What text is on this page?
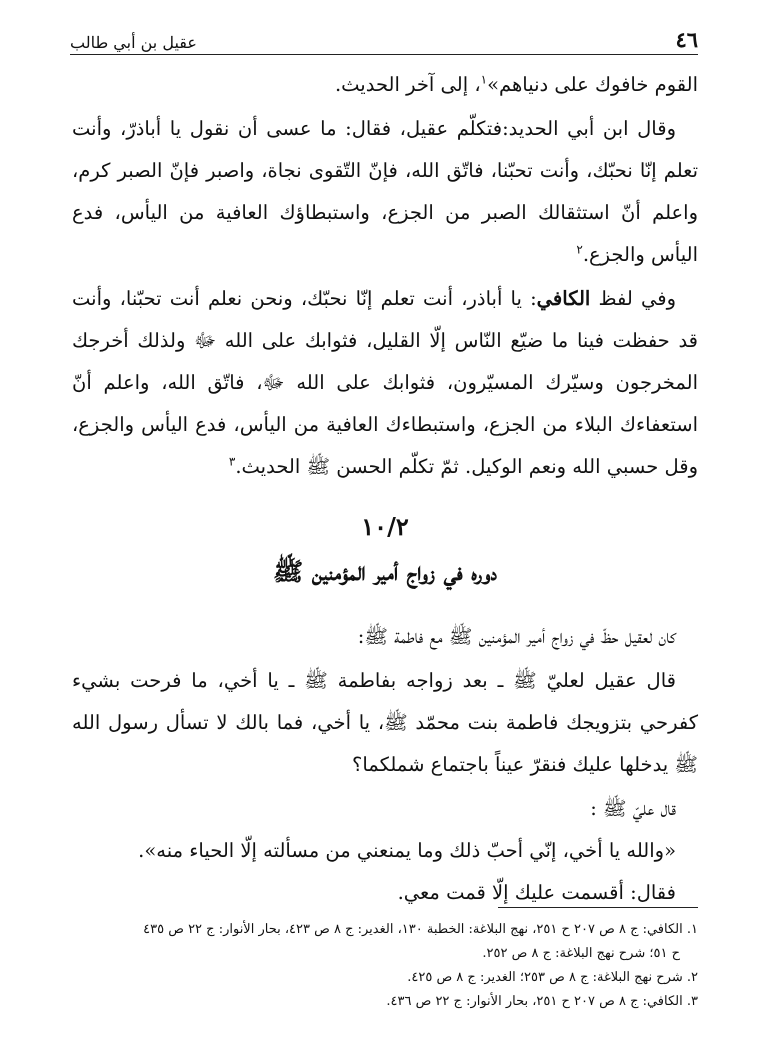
٤٦
عقيل بن أبي طالب

القوم خافوك على دنياهم»$^١$، إلى آخر الحديث.

وقال ابن أبي الحديد:فتكلّم عقيل، فقال: ما عسى أن نقول يا أباذرّ، وأنت تعلم إنّا نحبّك، وأنت تحبّنا، فاتّق الله، فإنّ التّقوى نجاة، واصبر فإنّ الصبر كرم، واعلم أنّ استثقالك الصبر من الجزع، واستبطاؤك العافية من اليأس، فدع اليأس والجزع.$^٢$

وفي لفظ الكافي: يا أباذر، أنت تعلم إنّا نحبّك، ونحن نعلم أنت تحبّنا، وأنت قد حفظت فينا ما ضيّع النّاس إلّا القليل، فثوابك على الله ﷻ ولذلك أخرجك المخرجون وسيّرك المسيّرون، فثوابك على الله ﷻ، فاتّق الله، واعلم أنّ استعفاءك البلاء من الجزع، واستبطاءك العافية من اليأس، فدع اليأس والجزع، وقل حسبي الله ونعم الوكيل. ثمّ تكلّم الحسن ﷺ الحديث.$^٣$

١٠/٢
دوره في زواج أمير المؤمنين ﷺ

كان لعقيل حظّ في زواج أمير المؤمنين ﷺ مع فاطمة ﷺ:

قال عقيل لعليّ ﷺ ـ بعد زواجه بفاطمة ﷺ ـ يا أخي، ما فرحت بشيء كفرحي بتزويجك فاطمة بنت محمّد ﷺ، يا أخي، فما بالك لا تسأل رسول الله ﷺ يدخلها عليك فنقرّ عيناً باجتماع شملكما؟

قال عليّ ﷺ :

«والله يا أخي، إنّي أحبّ ذلك وما يمنعني من مسألته إلّا الحياء منه».

فقال: أقسمت عليك إلّا قمت معي.

١. الكافي: ج ٨ ص ٢٠٧ ح ٢٥١، نهج البلاغة: الخطبة ١٣٠، الغدير: ج ٨ ص ٤٢٣، بحار الأنوار: ج ٢٢ ص ٤٣٥

ح ٥١؛ شرح نهج البلاغة: ج ٨ ص ٢٥٢.

٢. شرح نهج البلاغة: ج ٨ ص ٢٥٣؛ الغدير: ج ٨ ص ٤٢٥.

٣. الكافي: ج ٨ ص ٢٠٧ ح ٢٥١، بحار الأنوار: ج ٢٢ ص ٤٣٦.
